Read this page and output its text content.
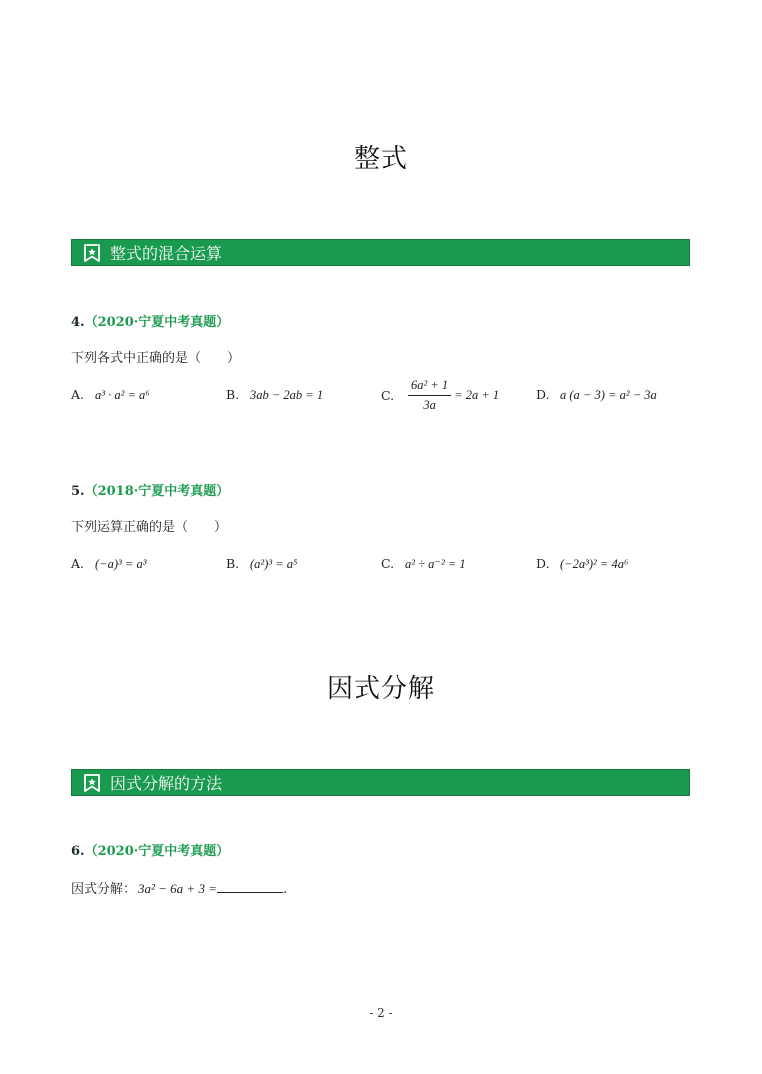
整式
整式的混合运算
4.（2020·宁夏中考真题）
下列各式中正确的是（　　）
A. a³ · a² = a⁶	B. 3ab − 2ab = 1	C. $\frac{\text{6a² + 1}}{3a} = 2a + 1$	D. a (a − 3) = a² − 3a
5.（2018·宁夏中考真题）
下列运算正确的是（　　）
A. (−a)³ = a³	B. (a²)³ = a⁵	C. a² ÷ a⁻² = 1	D. (−2a³)² = 4a⁶
因式分解
因式分解的方法
6.（2020·宁夏中考真题）
因式分解： 3a² − 6a + 3 =	.
- 2 -
